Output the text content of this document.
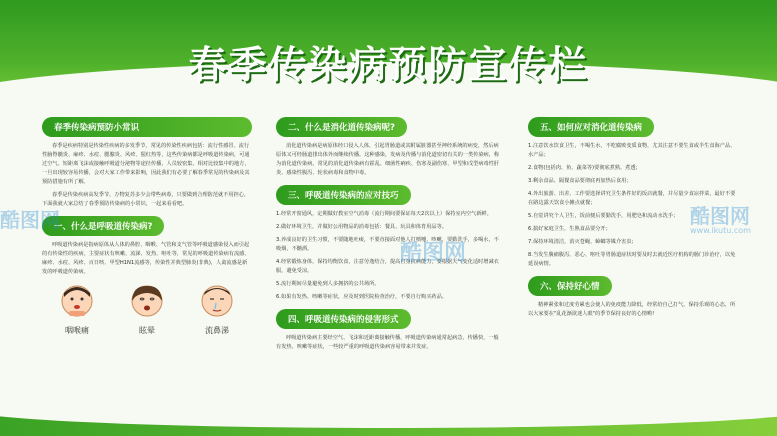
春季传染病预防宣传栏
春季传染病预防小常识

春季是疾病特别是传染性疾病的多发季节，常见的传染性疾病包括：流行性感冒、流行性脑脊髓炎、麻疹、水痘、腮腺炎、风疹、猩红热等，这些传染病都是呼吸道传染病，可通过空气、短距离飞沫或接触呼吸道分泌物等途径传播，人员较密集、相对比较集中的地方，一旦出现较容易传播，会对大家工作带来影响，因此我们有必要了解春季常见的传染病及其预防措施有所了解。

春季是传染疾病高发季节，万物复苏多少会带些病毒，只要做到合理防范就不用担心，下面我就大家总结了春季预防传染病的小常识，一起来看看吧。

一、什么是呼吸道传染病?

呼吸道传染病是指病原体从人体的鼻腔、咽喉、气管和支气管等呼吸道感染侵入而引起的有传染性的疾病。主要症状有咳嗽、流涕、发热、呕吐等，常见的呼吸道传染病有流感、麻疹、水痘、风疹、百日咳、甲型H1N1流感等，传染性并典型肺炎(非典)，人禽流感是新发的呼吸道传染病。

咽喉痛	眩晕	流鼻涕
二、什么是消化道传染病呢?

消化道传染病是病原体经口侵入人体，引起胃肠道或其附属脏器甚至神经系统的病变，然后病原体又可经肠道排出体外而继续传播。这种感染，发病及传播与消化道密切有关的一类传染病，称为消化道传染病。常见的消化道传染病有霍乱、细菌性痢疾、伤寒及副伤寒、甲型和戊型病毒性肝炎、感染性腹泻、轮状病毒和食物中毒。

三、呼吸道传染病的应对技巧

1.经常开窗通风，定期做好教室空气消毒（流行期间要保证每天2次以上）保持室内空气新鲜。

2.做好环境卫生，并做好公用物品的消毒包括：餐具、玩具和体育用品等。

3.养成良好的卫生习惯，不要随地吐痰，不要直接面对他人打喷嚏、咳嗽，要勤洗手，多喝水，不吸烟，不酗酒。

4.经常锻炼身体，保持均衡饮食，注意劳逸结合，提高自身抗病能力，要根据天气变化适时增减衣服，避免受凉。

5.流行期间尽量避免到人多拥挤的公共场所。

6.如果有发热、咳嗽等症状，应及时到医院检查治疗，不要自行购买药品。

四、呼吸道传染病的侵害形式

呼吸道传染病主要经空气、飞沫和近距离接触传播，呼吸道传染病通常起病急，传播快，一般有发热、咳嗽等症状，一些较严重的呼吸道传染病容易带来并发症。

五、如何应对消化道传染病

1.注意饮水饮食卫生，不喝生水，不吃腐败变质食物，尤其注意不要生食或半生食海产品、水产品；

2.食物(包括肉、鱼、蔬菜等)要彻底煮熟、煮透；

3.剩余食品、隔餐食品要彻底再加热后食用；

4.外出旅游、出差、工作要选择讲究卫生条件好的饭店就餐，并尽量少食凉拌菜，最好不要在路边露天饮食小摊点就餐；

5.自觉讲究个人卫生，饭前便后要勤洗手，用肥皂和流动水洗手；

6.搞好家庭卫生，生熟食品要分开；

7.保持环境清洁，消灭苍蝇、蟑螂等媒介害虫；

8.当发生腹痛腹泻、恶心、呕吐等胃肠道症状时要及时去就近医疗机构的肠门诊治疗，以免延误病情。

六、保持好心情

精神紧张和过度劳累也会使人的免疫能力降低，经常给自己打气，保持乐观的心态，所以大家要在"乱花渐欲迷人眼"的季节保持良好的心情哟!

酷图网
酷图网
酷图网
www.ikutu.com
